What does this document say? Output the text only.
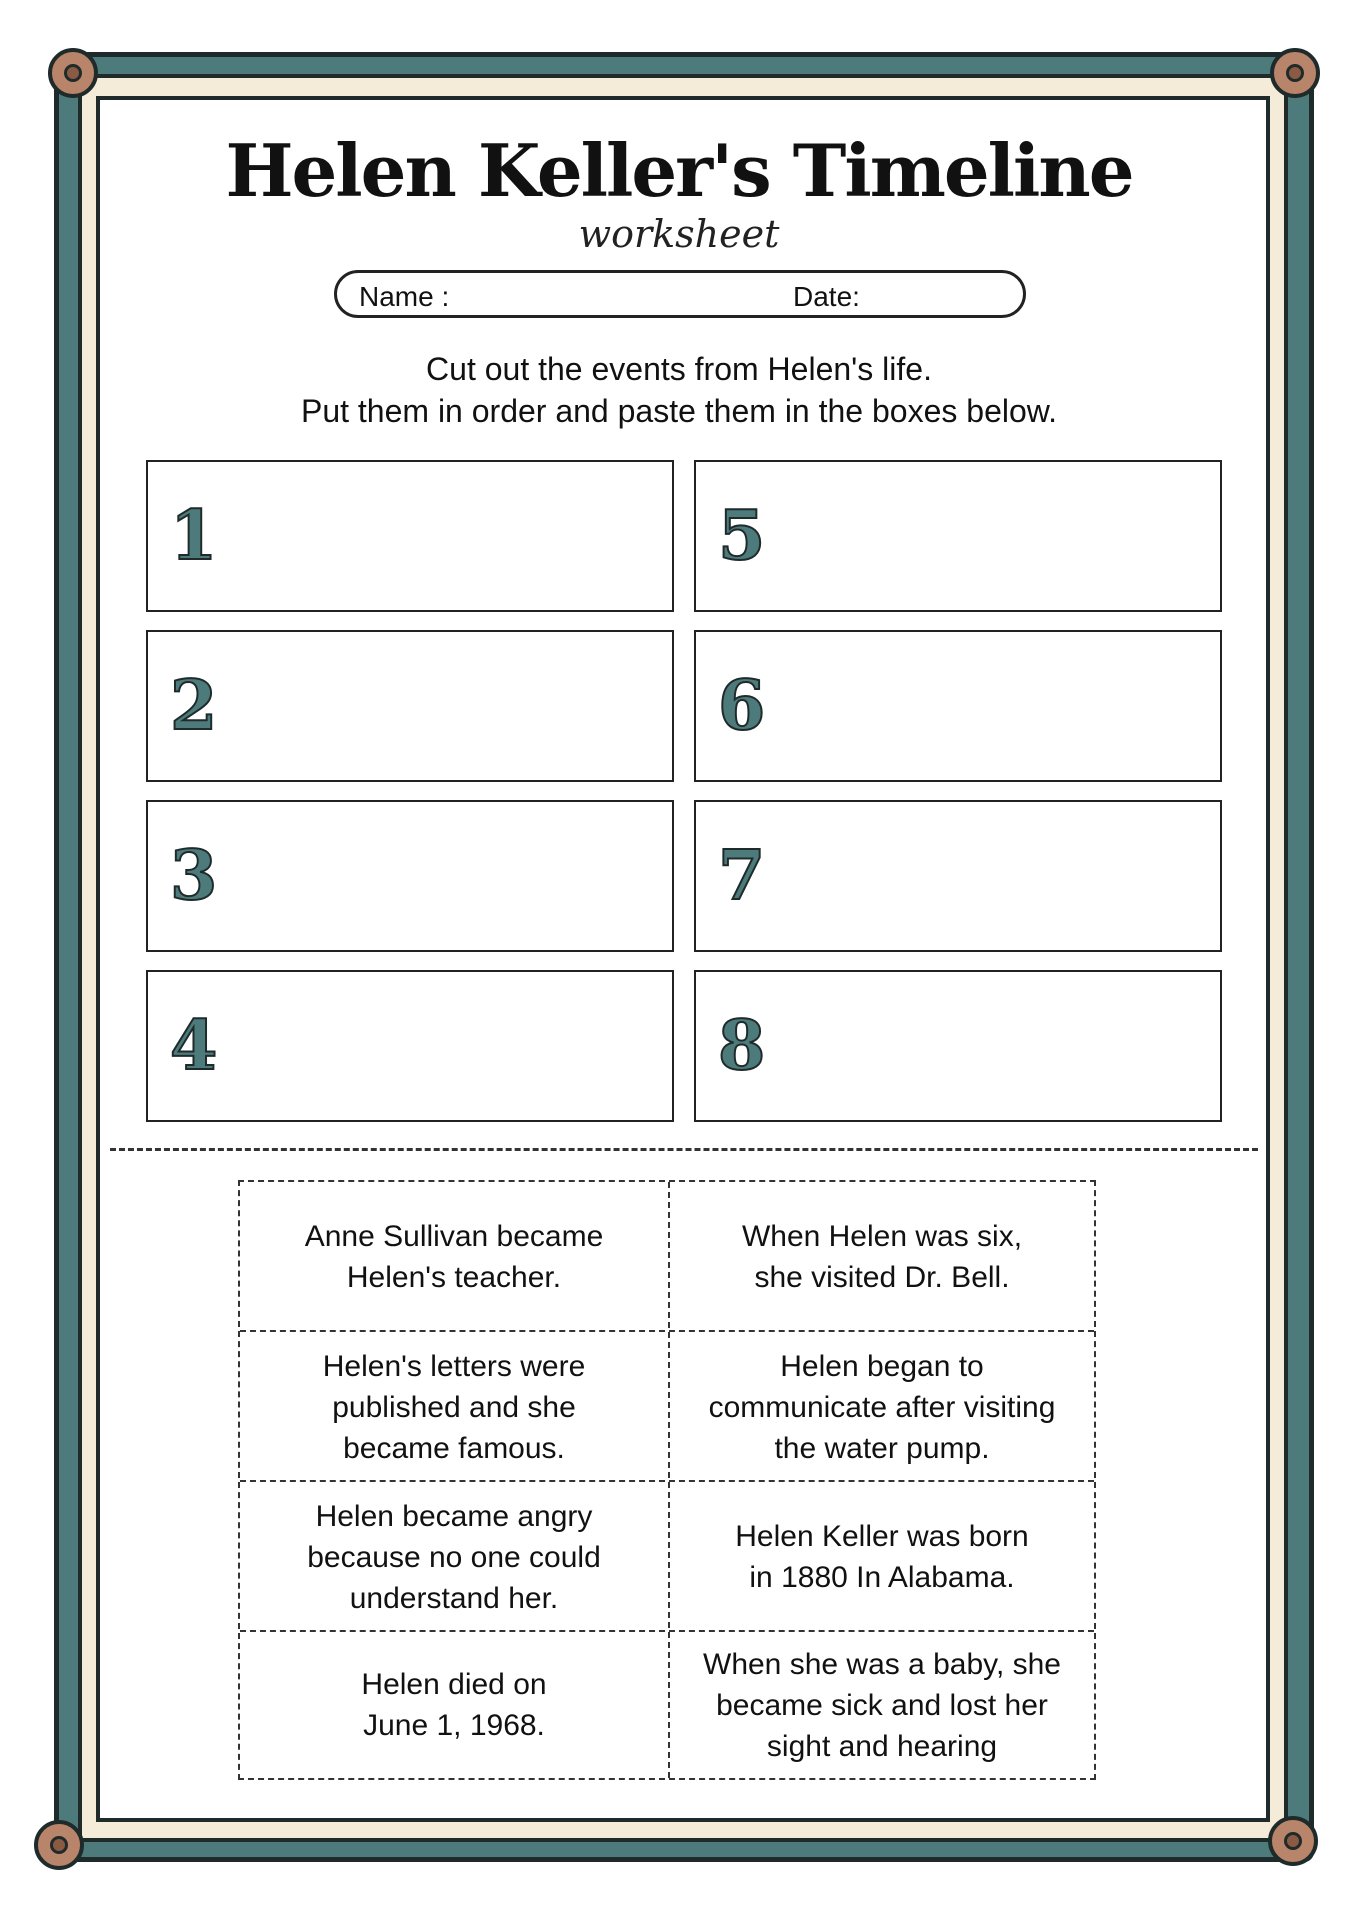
Helen Keller's Timeline
worksheet
Name :	Date:
Cut out the events from Helen's life.
Put them in order and paste them in the boxes below.
1
2
3
4
5
6
7
8
Anne Sullivan became Helen's teacher.
When Helen was six, she visited Dr. Bell.
Helen's letters were published and she became famous.
Helen began to communicate after visiting the water pump.
Helen became angry because no one could understand her.
Helen Keller was born in 1880 In Alabama.
Helen died on June 1, 1968.
When she was a baby, she became sick and lost her sight and hearing
